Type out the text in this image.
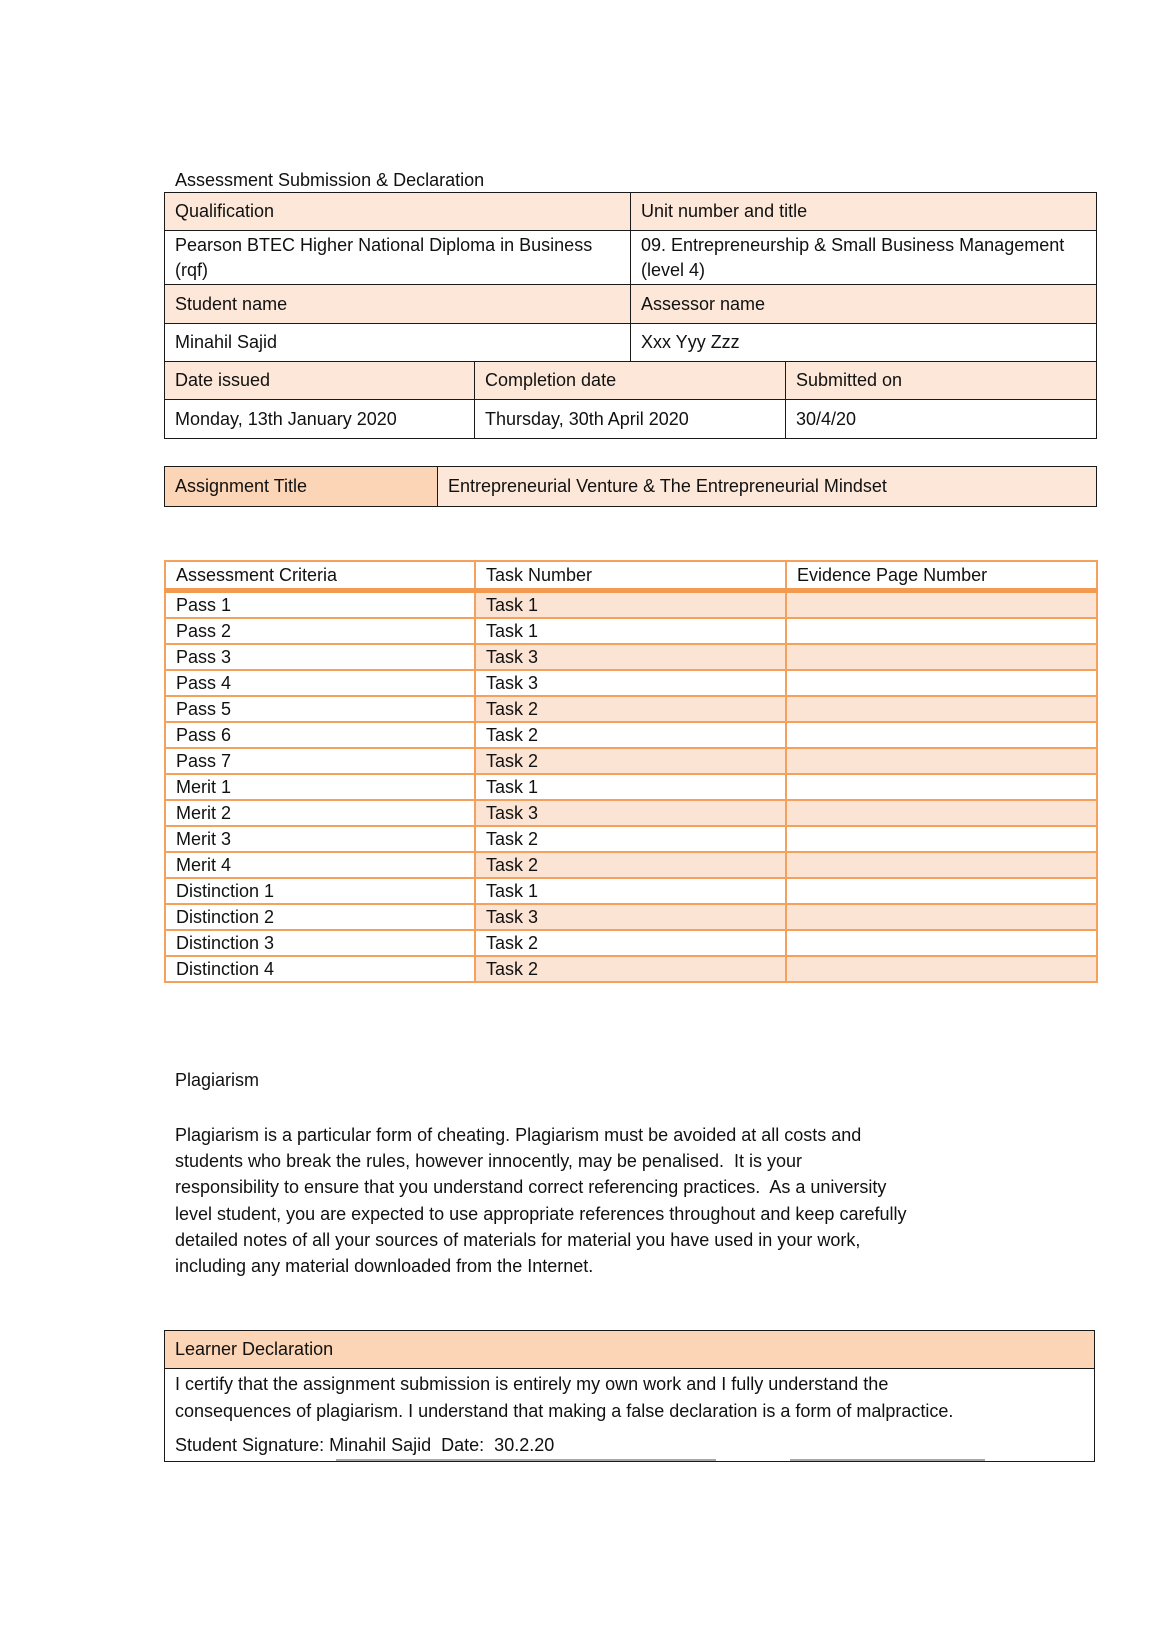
Assessment Submission & Declaration
Qualification		Unit number and title	
Pearson BTEC Higher National Diploma in Business (rqf)		09. Entrepreneurship & Small Business Management (level 4)	
Student name		Assessor name	
Minahil Sajid		Xxx Yyy Zzz	
Date issued	Completion date		Submitted on
Monday, 13th January 2020	Thursday, 30th April 2020		30/4/20
Assignment Title	Entrepreneurial Venture & The Entrepreneurial Mindset
Assessment Criteria	Task Number	Evidence Page Number
Pass 1	Task 1	
Pass 2	Task 1	
Pass 3	Task 3	
Pass 4	Task 3	
Pass 5	Task 2	
Pass 6	Task 2	
Pass 7	Task 2	
Merit 1	Task 1	
Merit 2	Task 3	
Merit 3	Task 2	
Merit 4	Task 2	
Distinction 1	Task 1	
Distinction 2	Task 3	
Distinction 3	Task 2	
Distinction 4	Task 2	
Plagiarism
Plagiarism is a particular form of cheating. Plagiarism must be avoided at all costs and
students who break the rules, however innocently, may be penalised.  It is your
responsibility to ensure that you understand correct referencing practices.  As a university
level student, you are expected to use appropriate references throughout and keep carefully
detailed notes of all your sources of materials for material you have used in your work,
including any material downloaded from the Internet.
Learner Declaration
I certify that the assignment submission is entirely my own work and I fully understand the
consequences of plagiarism. I understand that making a false declaration is a form of malpractice.
Student Signature: Minahil Sajid  Date:  30.2.20
